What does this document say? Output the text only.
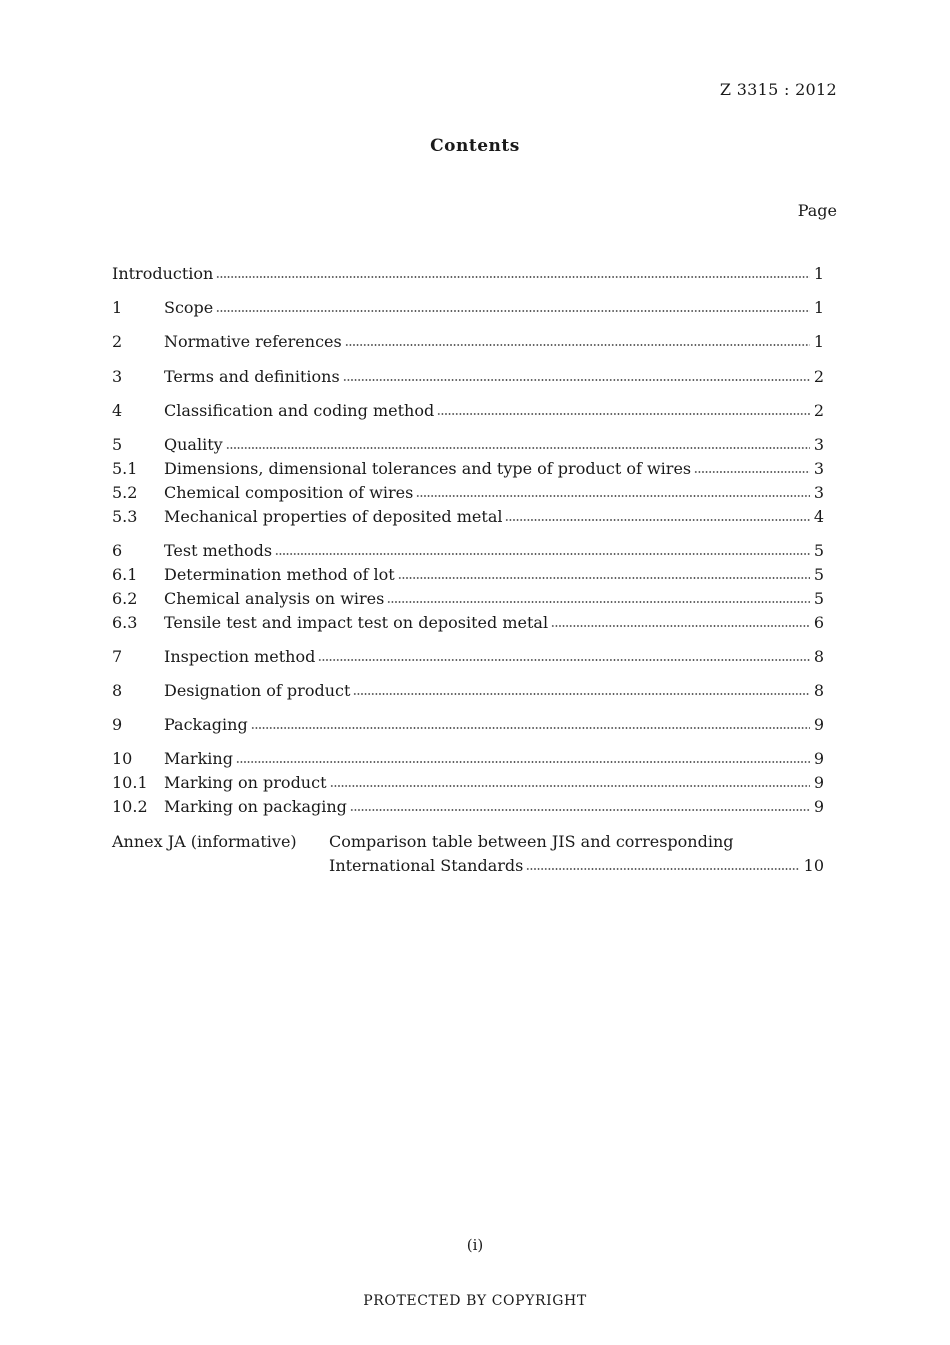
Z 3315 : 2012
Contents
Page
Introduction	1
1	Scope	1
2	Normative references	1
3	Terms and definitions	2
4	Classification and coding method	2
5	Quality	3
5.1	Dimensions, dimensional tolerances and type of product of wires	3
5.2	Chemical composition of wires	3
5.3	Mechanical properties of deposited metal	4
6	Test methods	5
6.1	Determination method of lot	5
6.2	Chemical analysis on wires	5
6.3	Tensile test and impact test on deposited metal	6
7	Inspection method	8
8	Designation of product	8
9	Packaging	9
10	Marking	9
10.1	Marking on product	9
10.2	Marking on packaging	9
Annex JA (informative) Comparison table between JIS and corresponding
International Standards	10
(i)
PROTECTED BY COPYRIGHT
